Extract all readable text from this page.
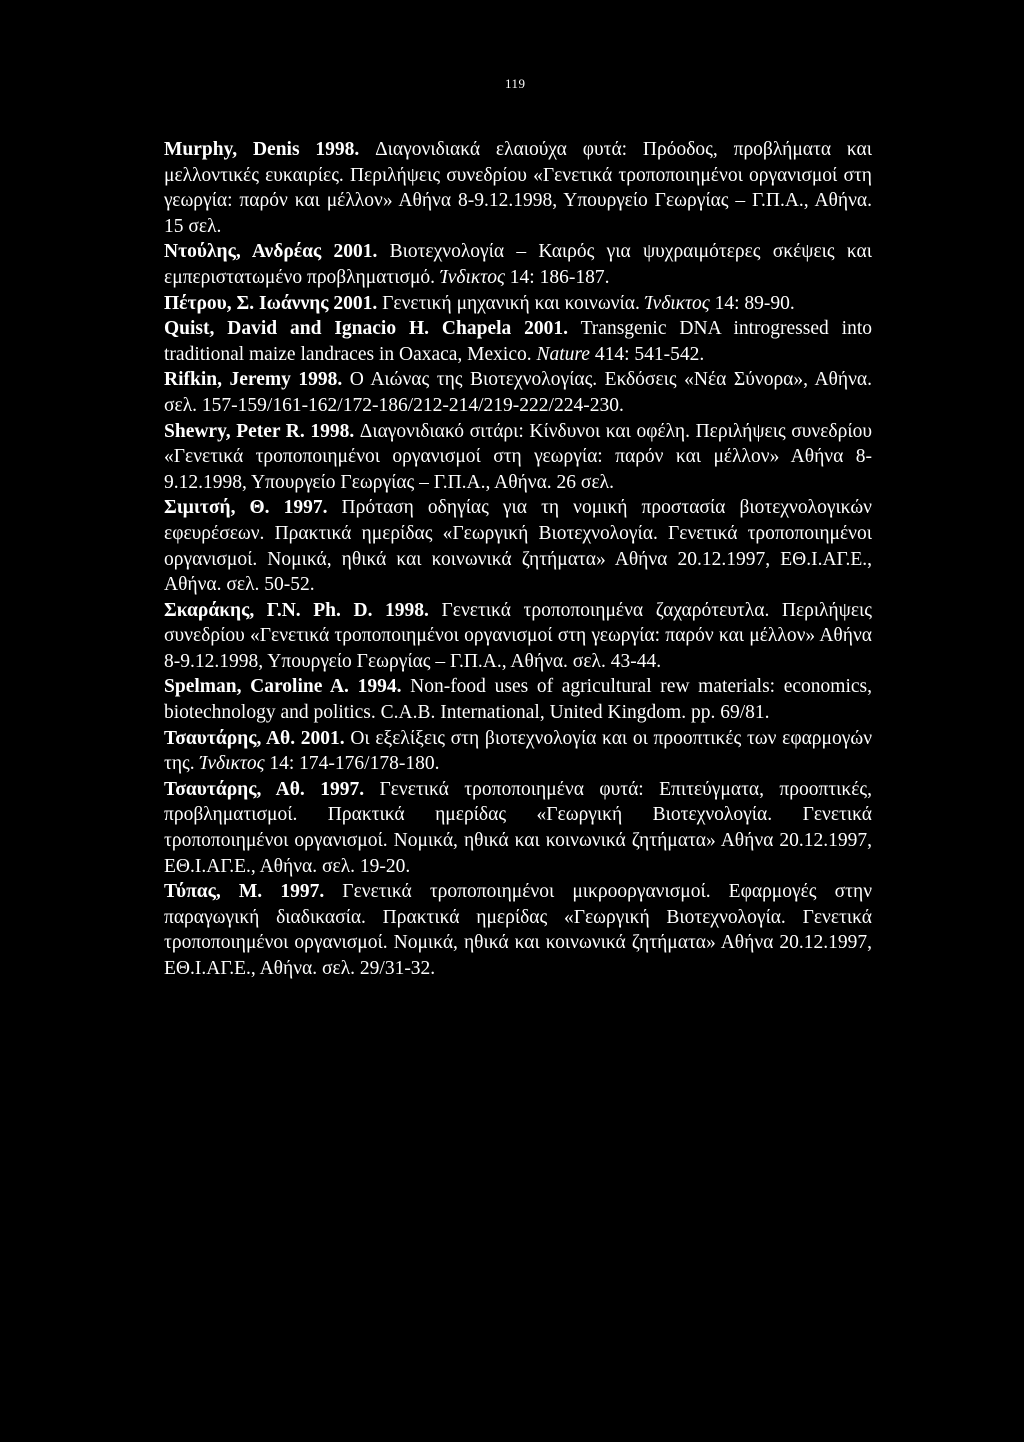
119

Murphy, Denis 1998. Διαγονιδιακά ελαιούχα φυτά: Πρόοδος, προβλήματα και μελλοντικές ευκαιρίες. Περιλήψεις συνεδρίου «Γενετικά τροποποιημένοι οργανισμοί στη γεωργία: παρόν και μέλλον» Αθήνα 8-9.12.1998, Υπουργείο Γεωργίας – Γ.Π.Α., Αθήνα. 15 σελ.

Ντούλης, Ανδρέας 2001. Βιοτεχνολογία – Καιρός για ψυχραιμότερες σκέψεις και εμπεριστατωμένο προβληματισμό. Ίνδικτος 14: 186-187.

Πέτρου, Σ. Ιωάννης 2001. Γενετική μηχανική και κοινωνία. Ίνδικτος 14: 89-90.

Quist, David and Ignacio H. Chapela 2001. Transgenic DNA introgressed into traditional maize landraces in Oaxaca, Mexico. Nature 414: 541-542.

Rifkin, Jeremy 1998. Ο Αιώνας της Βιοτεχνολογίας. Εκδόσεις «Νέα Σύνορα», Αθήνα. σελ. 157-159/161-162/172-186/212-214/219-222/224-230.

Shewry, Peter R. 1998. Διαγονιδιακό σιτάρι: Κίνδυνοι και οφέλη. Περιλήψεις συνεδρίου «Γενετικά τροποποιημένοι οργανισμοί στη γεωργία: παρόν και μέλλον» Αθήνα 8-9.12.1998, Υπουργείο Γεωργίας – Γ.Π.Α., Αθήνα. 26 σελ.

Σιμιτσή, Θ. 1997. Πρόταση οδηγίας για τη νομική προστασία βιοτεχνολογικών εφευρέσεων. Πρακτικά ημερίδας «Γεωργική Βιοτεχνολογία. Γενετικά τροποποιημένοι οργανισμοί. Νομικά, ηθικά και κοινωνικά ζητήματα» Αθήνα 20.12.1997, ΕΘ.Ι.ΑΓ.Ε., Αθήνα. σελ. 50-52.

Σκαράκης, Γ.Ν. Ph. D. 1998. Γενετικά τροποποιημένα ζαχαρότευτλα. Περιλήψεις συνεδρίου «Γενετικά τροποποιημένοι οργανισμοί στη γεωργία: παρόν και μέλλον» Αθήνα 8-9.12.1998, Υπουργείο Γεωργίας – Γ.Π.Α., Αθήνα. σελ. 43-44.

Spelman, Caroline A. 1994. Non-food uses of agricultural rew materials: economics, biotechnology and politics. C.A.B. International, United Kingdom. pp. 69/81.

Τσαυτάρης, Αθ. 2001. Οι εξελίξεις στη βιοτεχνολογία και οι προοπτικές των εφαρμογών της. Ίνδικτος 14: 174-176/178-180.

Τσαυτάρης, Αθ. 1997. Γενετικά τροποποιημένα φυτά: Επιτεύγματα, προοπτικές, προβληματισμοί. Πρακτικά ημερίδας «Γεωργική Βιοτεχνολογία. Γενετικά τροποποιημένοι οργανισμοί. Νομικά, ηθικά και κοινωνικά ζητήματα» Αθήνα 20.12.1997, ΕΘ.Ι.ΑΓ.Ε., Αθήνα. σελ. 19-20.

Τύπας, Μ. 1997. Γενετικά τροποποιημένοι μικροοργανισμοί. Εφαρμογές στην παραγωγική διαδικασία. Πρακτικά ημερίδας «Γεωργική Βιοτεχνολογία. Γενετικά τροποποιημένοι οργανισμοί. Νομικά, ηθικά και κοινωνικά ζητήματα» Αθήνα 20.12.1997, ΕΘ.Ι.ΑΓ.Ε., Αθήνα. σελ. 29/31-32.
